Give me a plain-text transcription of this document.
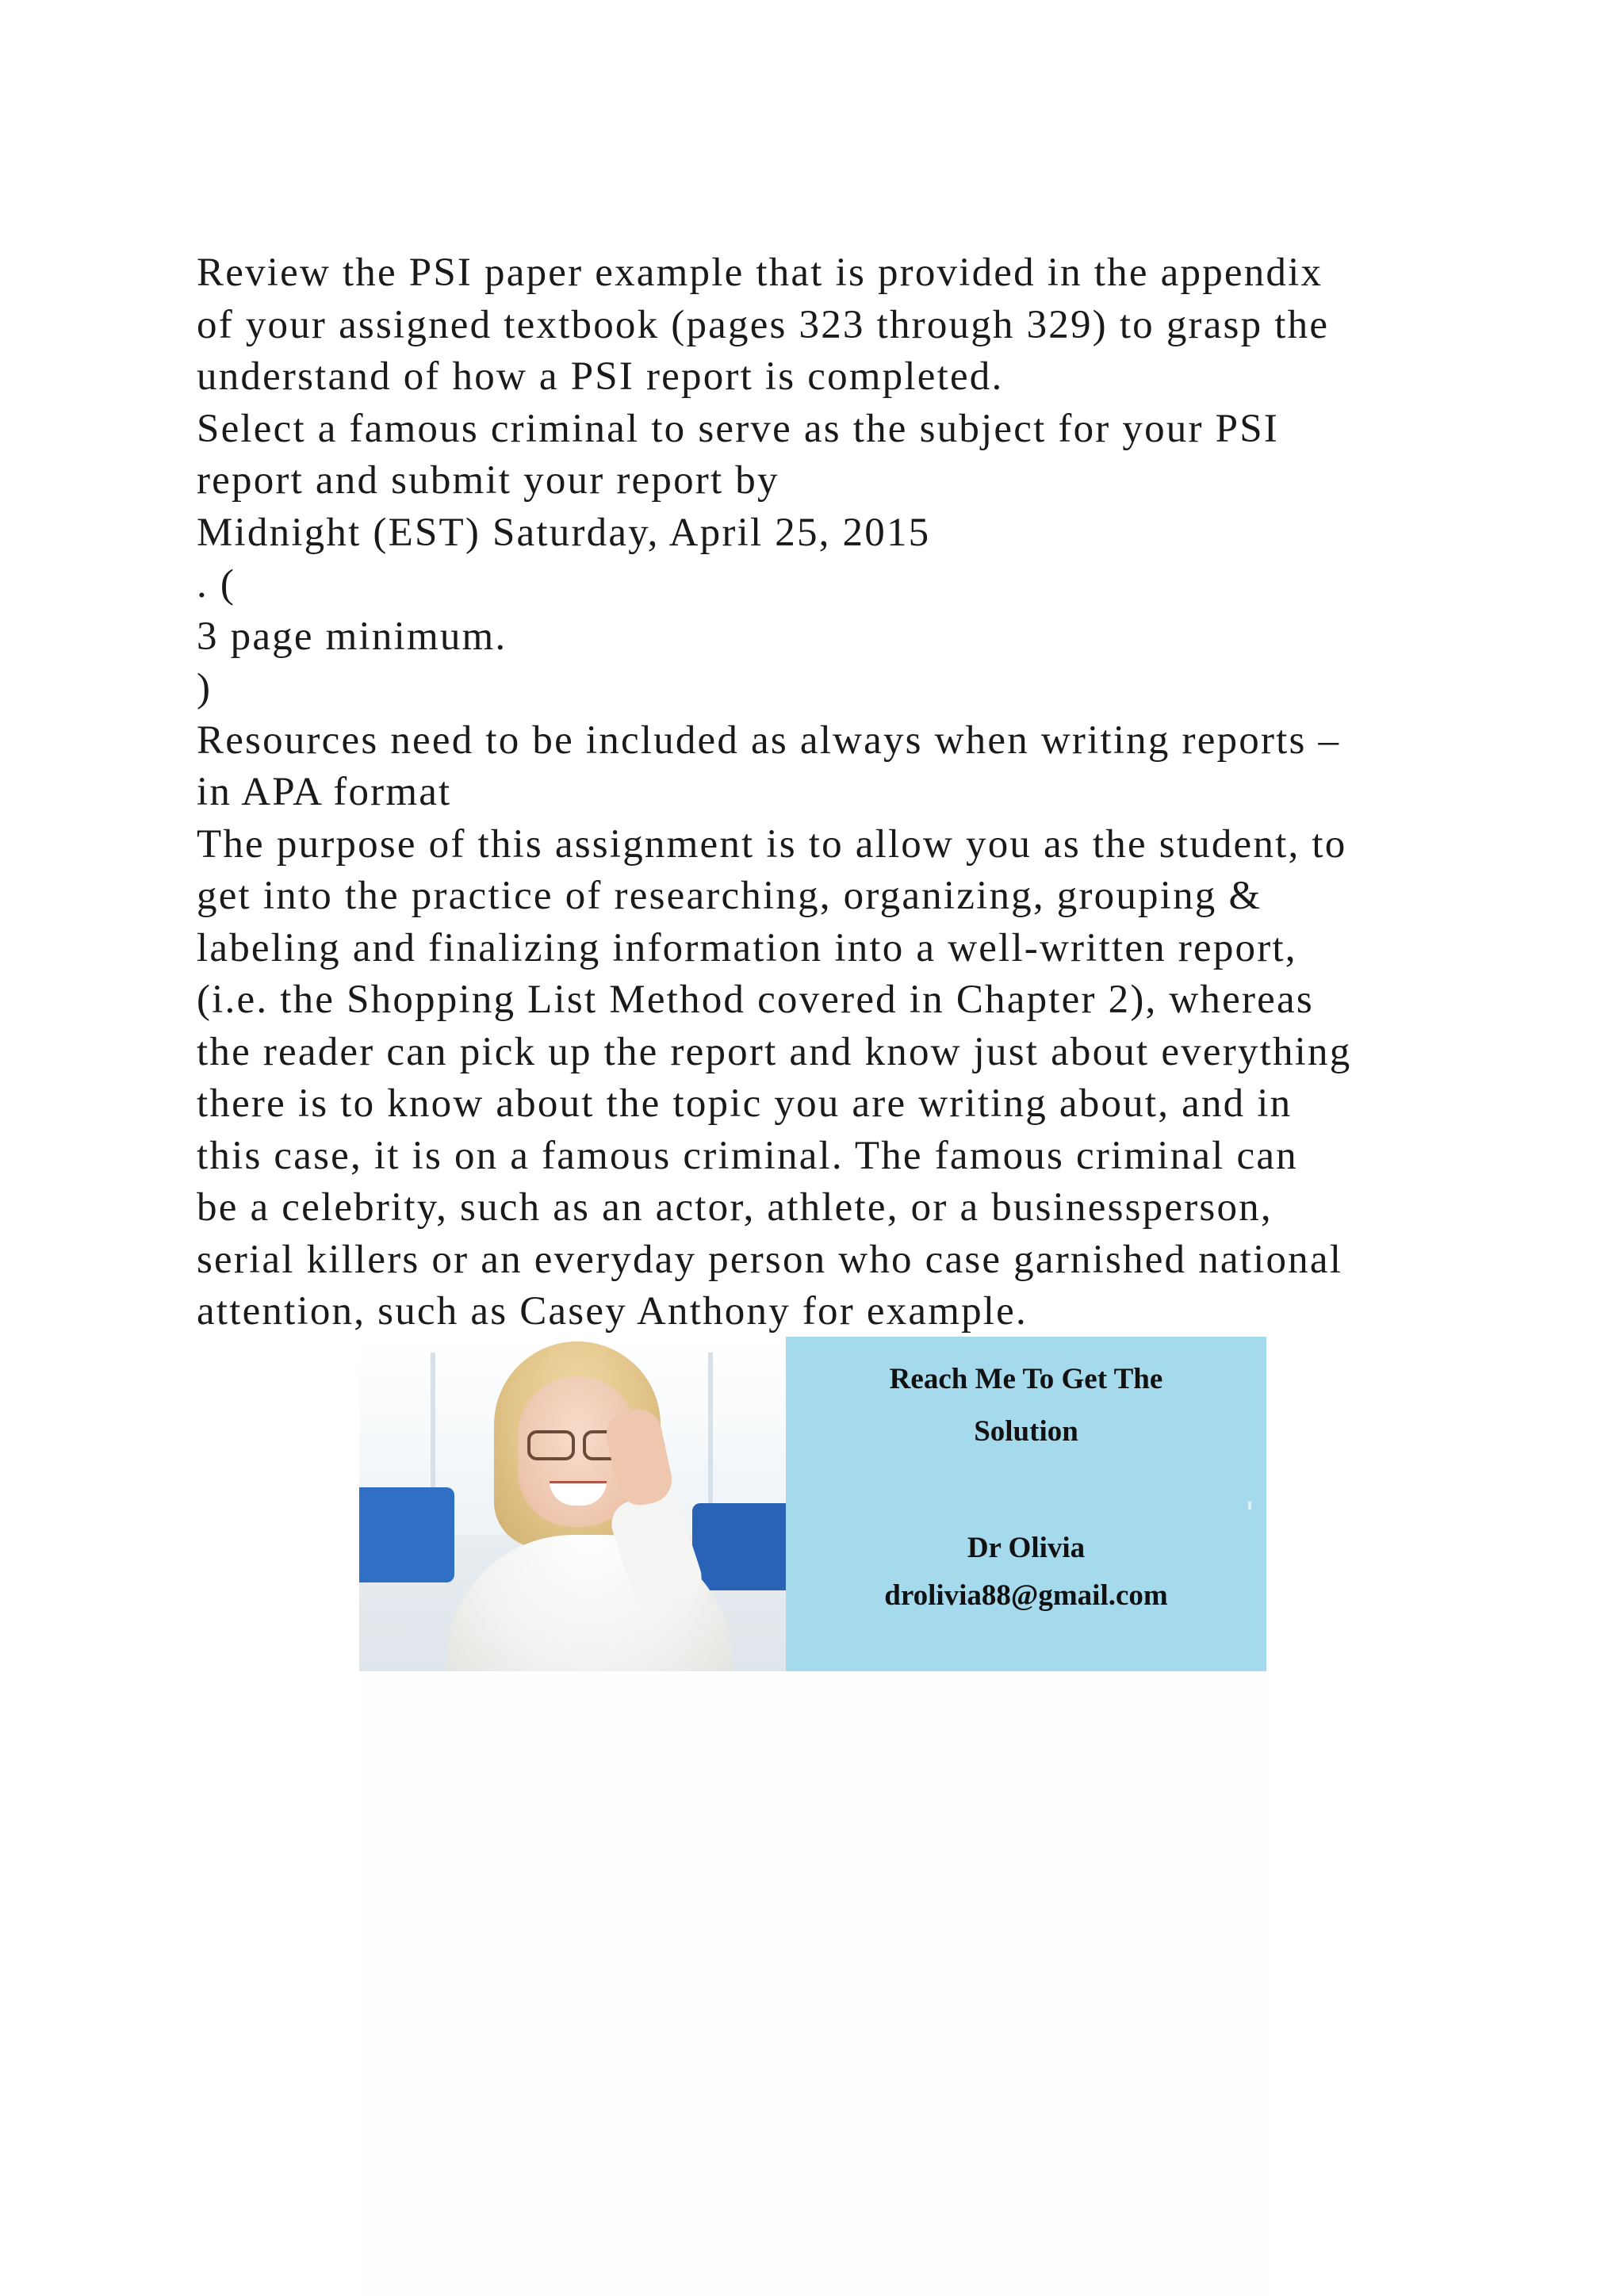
Review the PSI paper example that is provided in the appendix
of your assigned textbook (pages 323 through 329) to grasp the
understand of how a PSI report is completed.
Select a famous criminal to serve as the subject for your PSI
report and submit your report by
Midnight (EST) Saturday, April 25, 2015
. (
3 page minimum.
)
Resources need to be included as always when writing reports –
in APA format
The purpose of this assignment is to allow you as the student, to
get into the practice of researching, organizing, grouping &
labeling and finalizing information into a well-written report,
(i.e. the Shopping List Method covered in Chapter 2), whereas
the reader can pick up the report and know just about everything
there is to know about the topic you are writing about, and in
this case, it is on a famous criminal. The famous criminal can
be a celebrity, such as an actor, athlete, or a businessperson,
serial killers or an everyday person who case garnished national
attention, such as Casey Anthony for example.
Reach Me To Get The
Solution
Dr Olivia
drolivia88@gmail.com
